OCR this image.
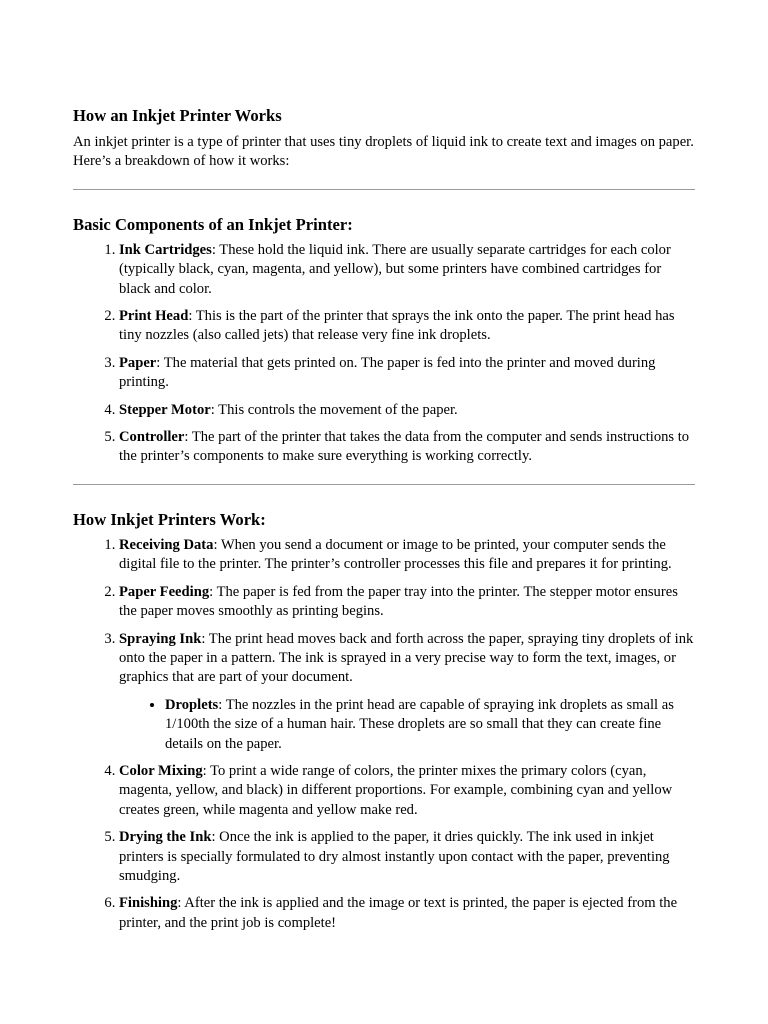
How an Inkjet Printer Works

An inkjet printer is a type of printer that uses tiny droplets of liquid ink to create text and images on paper. Here’s a breakdown of how it works:

Basic Components of an Inkjet Printer:
1. Ink Cartridges: These hold the liquid ink. There are usually separate cartridges for each color (typically black, cyan, magenta, and yellow), but some printers have combined cartridges for black and color.
2. Print Head: This is the part of the printer that sprays the ink onto the paper. The print head has tiny nozzles (also called jets) that release very fine ink droplets.
3. Paper: The material that gets printed on. The paper is fed into the printer and moved during printing.
4. Stepper Motor: This controls the movement of the paper.
5. Controller: The part of the printer that takes the data from the computer and sends instructions to the printer’s components to make sure everything is working correctly.
How Inkjet Printers Work:
1. Receiving Data: When you send a document or image to be printed, your computer sends the digital file to the printer. The printer’s controller processes this file and prepares it for printing.
2. Paper Feeding: The paper is fed from the paper tray into the printer. The stepper motor ensures the paper moves smoothly as printing begins.
3. Spraying Ink: The print head moves back and forth across the paper, spraying tiny droplets of ink onto the paper in a pattern. The ink is sprayed in a very precise way to form the text, images, or graphics that are part of your document.
• Droplets: The nozzles in the print head are capable of spraying ink droplets as small as 1/100th the size of a human hair. These droplets are so small that they can create fine details on the paper.
4. Color Mixing: To print a wide range of colors, the printer mixes the primary colors (cyan, magenta, yellow, and black) in different proportions. For example, combining cyan and yellow creates green, while magenta and yellow make red.
5. Drying the Ink: Once the ink is applied to the paper, it dries quickly. The ink used in inkjet printers is specially formulated to dry almost instantly upon contact with the paper, preventing smudging.
6. Finishing: After the ink is applied and the image or text is printed, the paper is ejected from the printer, and the print job is complete!
